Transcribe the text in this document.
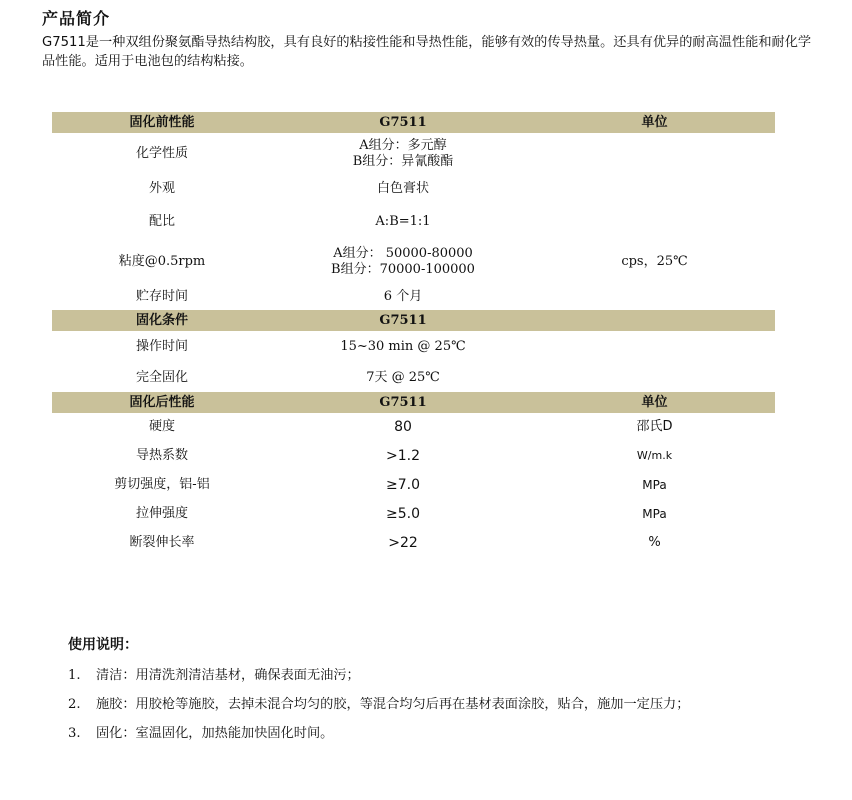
产品简介
G7511是一种双组份聚氨酯导热结构胶，具有良好的粘接性能和导热性能，能够有效的传导热量。还具有优异的耐高温性能和耐化学品性能。适用于电池包的结构粘接。
固化前性能	G7511	单位
化学性质	A组分：多元醇
B组分：异氰酸酯	

外观	白色膏状	
配比	A:B=1:1	
粘度@0.5rpm	A组分： 50000-80000
B组分：70000-100000	cps，25℃
贮存时间	6 个月	
固化条件	G7511	
操作时间	15~30 min @ 25℃	
完全固化	7天 @ 25℃	
固化后性能	G7511	单位
硬度	80	邵氏D
导热系数	>1.2	W/m.k
剪切强度，铝-铝	≥7.0	MPa
拉伸强度	≥5.0	MPa
断裂伸长率	>22	%
使用说明：
1. 清洁：用清洗剂清洁基材，确保表面无油污；
2. 施胶：用胶枪等施胶，去掉未混合均匀的胶，等混合均匀后再在基材表面涂胶，贴合，施加一定压力；
3. 固化：室温固化，加热能加快固化时间。
